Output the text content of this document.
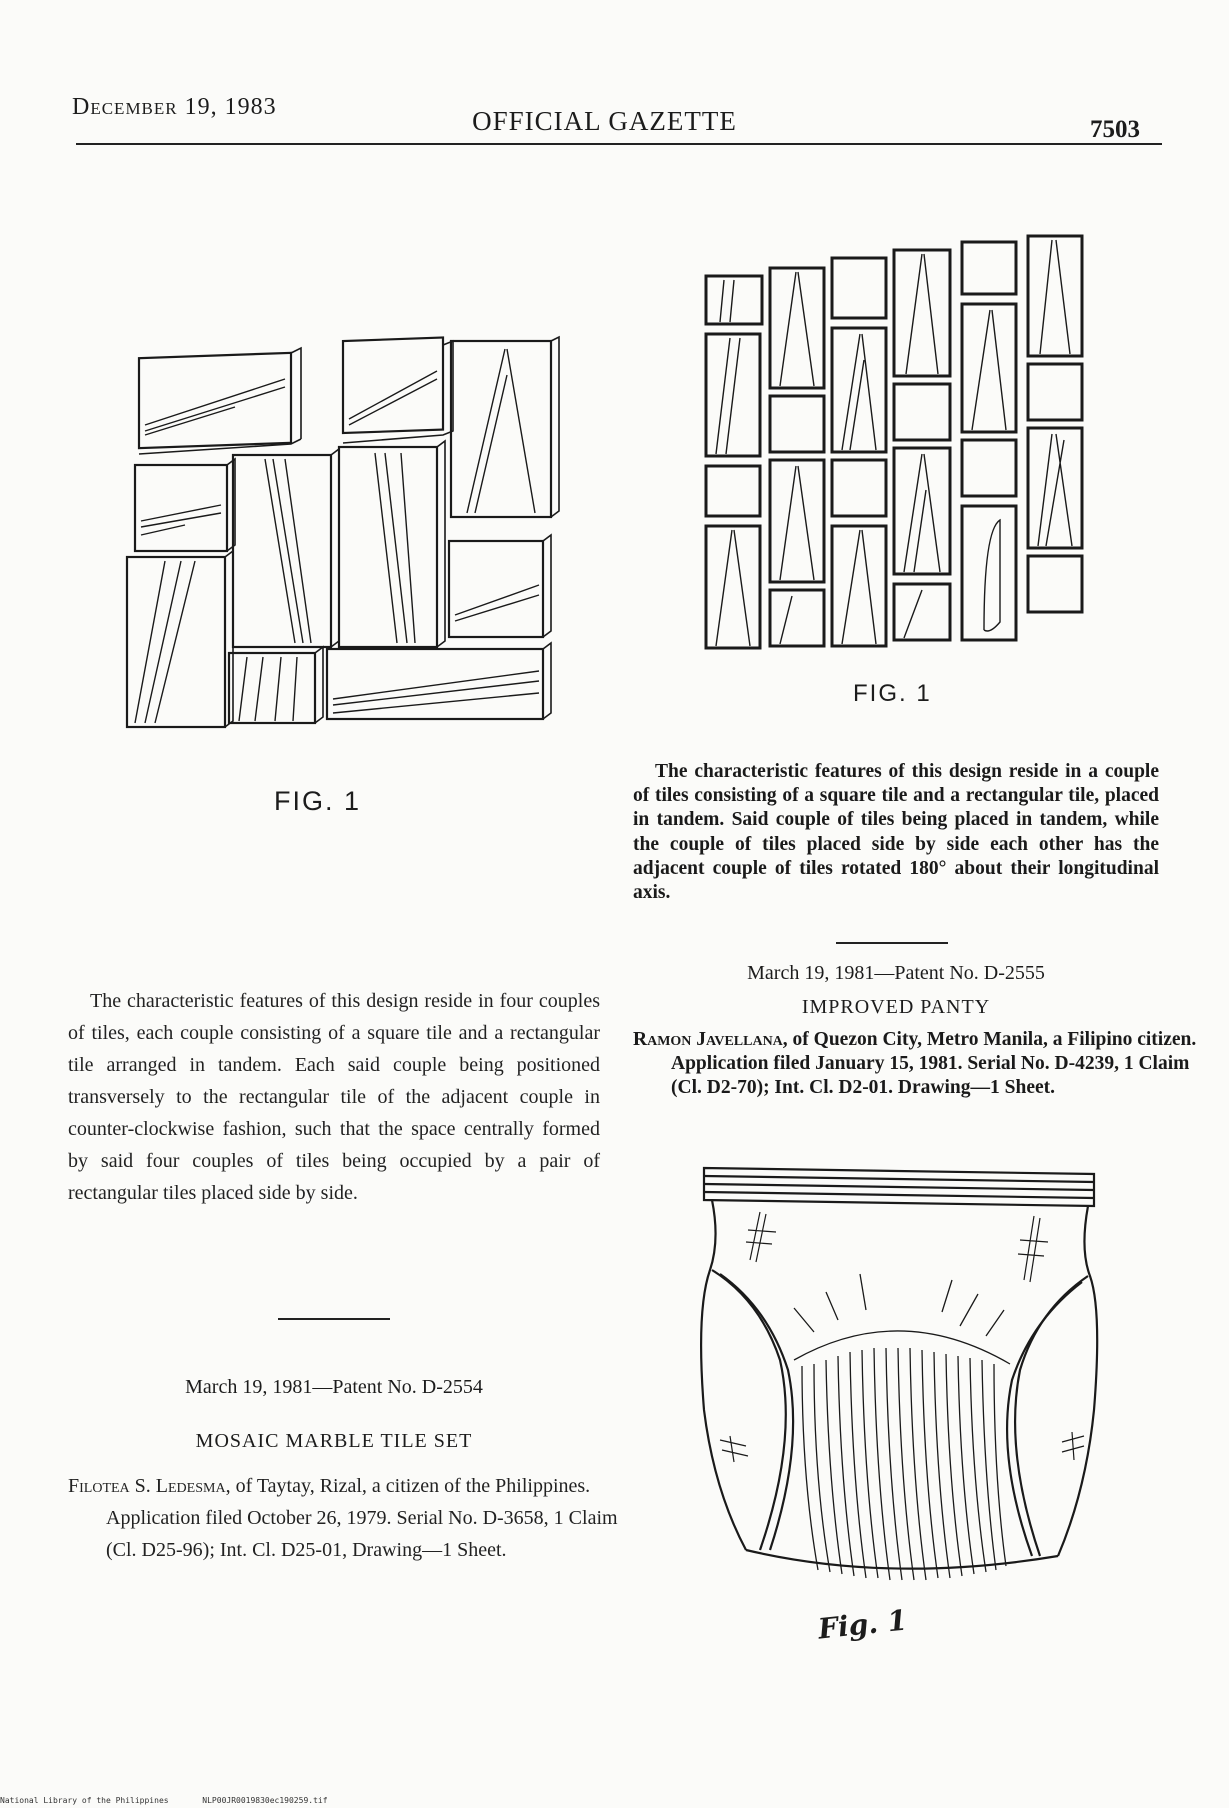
December 19, 1983	OFFICIAL GAZETTE	7503
FIG. 1
FIG. 1
The characteristic features of this design reside in a couple of tiles consisting of a square tile and a rectangular tile, placed in tandem. Said couple of tiles being placed in tandem, while the couple of tiles placed side by side each other has the adjacent couple of tiles rotated 180° about their longitudinal axis.
March 19, 1981—Patent No. D-2555
IMPROVED PANTY
Ramon Javellana, of Quezon City, Metro Manila, a Filipino citizen. Application filed January 15, 1981. Serial No. D-4239, 1 Claim (Cl. D2-70); Int. Cl. D2-01. Drawing—1 Sheet.
Fig. 1
The characteristic features of this design reside in four couples of tiles, each couple consisting of a square tile and a rectangular tile arranged in tandem. Each said couple being positioned transversely to the rectangular tile of the adjacent couple in counter-clockwise fashion, such that the space centrally formed by said four couples of tiles being occupied by a pair of rectangular tiles placed side by side.
March 19, 1981—Patent No. D-2554
MOSAIC MARBLE TILE SET
Filotea S. Ledesma, of Taytay, Rizal, a citizen of the Philippines. Application filed October 26, 1979. Serial No. D-3658, 1 Claim (Cl. D25-96); Int. Cl. D25-01, Drawing—1 Sheet.
National Library of the Philippines	NLP00JR0019830ec190259.tif
